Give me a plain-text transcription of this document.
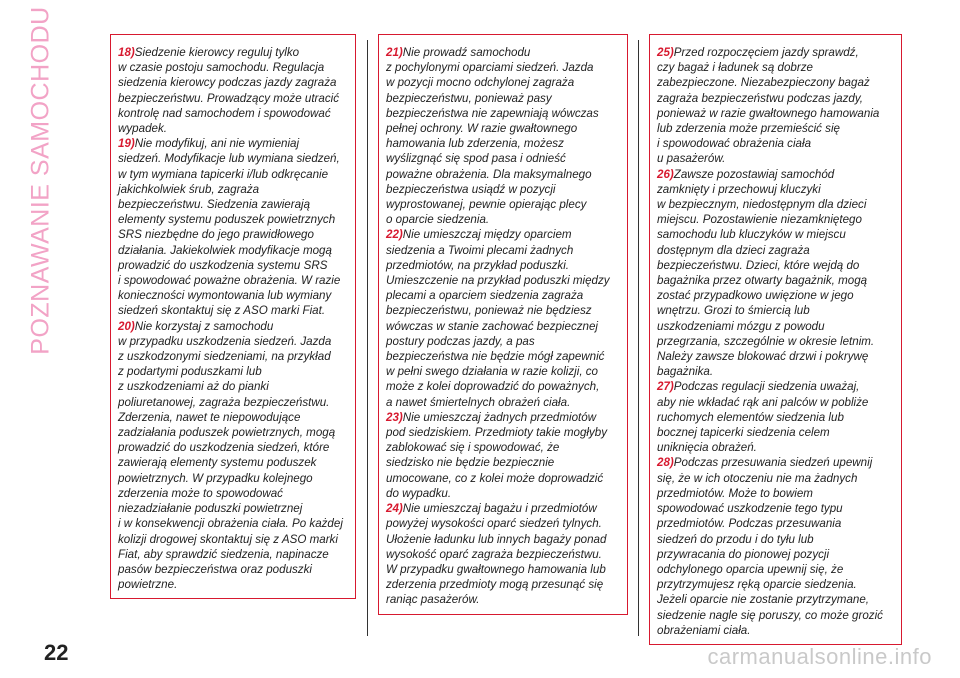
POZNAWANIE SAMOCHODU	18)Siedzenie kierowcy reguluj tylko
w czasie postoju samochodu. Regulacja
siedzenia kierowcy podczas jazdy zagraża
bezpieczeństwu. Prowadzący może utracić
kontrolę nad samochodem i spowodować
wypadek.
19)Nie modyfikuj, ani nie wymieniaj
siedzeń. Modyfikacje lub wymiana siedzeń,
w tym wymiana tapicerki i/lub odkręcanie
jakichkolwiek śrub, zagraża
bezpieczeństwu. Siedzenia zawierają
elementy systemu poduszek powietrznych
SRS niezbędne do jego prawidłowego
działania. Jakiekolwiek modyfikacje mogą
prowadzić do uszkodzenia systemu SRS
i spowodować poważne obrażenia. W razie
konieczności wymontowania lub wymiany
siedzeń skontaktuj się z ASO marki Fiat.
20)Nie korzystaj z samochodu
w przypadku uszkodzenia siedzeń. Jazda
z uszkodzonymi siedzeniami, na przykład
z podartymi poduszkami lub
z uszkodzeniami aż do pianki
poliuretanowej, zagraża bezpieczeństwu.
Zderzenia, nawet te niepowodujące
zadziałania poduszek powietrznych, mogą
prowadzić do uszkodzenia siedzeń, które
zawierają elementy systemu poduszek
powietrznych. W przypadku kolejnego
zderzenia może to spowodować
niezadziałanie poduszki powietrznej
i w konsekwencji obrażenia ciała. Po każdej
kolizji drogowej skontaktuj się z ASO marki
Fiat, aby sprawdzić siedzenia, napinacze
pasów bezpieczeństwa oraz poduszki
powietrzne.
21)Nie prowadź samochodu
z pochylonymi oparciami siedzeń. Jazda
w pozycji mocno odchylonej zagraża
bezpieczeństwu, ponieważ pasy
bezpieczeństwa nie zapewniają wówczas
pełnej ochrony. W razie gwałtownego
hamowania lub zderzenia, możesz
wyślizgnąć się spod pasa i odnieść
poważne obrażenia. Dla maksymalnego
bezpieczeństwa usiądź w pozycji
wyprostowanej, pewnie opierając plecy
o oparcie siedzenia.
22)Nie umieszczaj między oparciem
siedzenia a Twoimi plecami żadnych
przedmiotów, na przykład poduszki.
Umieszczenie na przykład poduszki między
plecami a oparciem siedzenia zagraża
bezpieczeństwu, ponieważ nie będziesz
wówczas w stanie zachować bezpiecznej
postury podczas jazdy, a pas
bezpieczeństwa nie będzie mógł zapewnić
w pełni swego działania w razie kolizji, co
może z kolei doprowadzić do poważnych,
a nawet śmiertelnych obrażeń ciała.
23)Nie umieszczaj żadnych przedmiotów
pod siedziskiem. Przedmioty takie mogłyby
zablokować się i spowodować, że
siedzisko nie będzie bezpiecznie
umocowane, co z kolei może doprowadzić
do wypadku.
24)Nie umieszczaj bagażu i przedmiotów
powyżej wysokości oparć siedzeń tylnych.
Ułożenie ładunku lub innych bagaży ponad
wysokość oparć zagraża bezpieczeństwu.
W przypadku gwałtownego hamowania lub
zderzenia przedmioty mogą przesunąć się
raniąc pasażerów.
25)Przed rozpoczęciem jazdy sprawdź,
czy bagaż i ładunek są dobrze
zabezpieczone. Niezabezpieczony bagaż
zagraża bezpieczeństwu podczas jazdy,
ponieważ w razie gwałtownego hamowania
lub zderzenia może przemieścić się
i spowodować obrażenia ciała
u pasażerów.
26)Zawsze pozostawiaj samochód
zamknięty i przechowuj kluczyki
w bezpiecznym, niedostępnym dla dzieci
miejscu. Pozostawienie niezamkniętego
samochodu lub kluczyków w miejscu
dostępnym dla dzieci zagraża
bezpieczeństwu. Dzieci, które wejdą do
bagażnika przez otwarty bagażnik, mogą
zostać przypadkowo uwięzione w jego
wnętrzu. Grozi to śmiercią lub
uszkodzeniami mózgu z powodu
przegrzania, szczególnie w okresie letnim.
Należy zawsze blokować drzwi i pokrywę
bagażnika.
27)Podczas regulacji siedzenia uważaj,
aby nie wkładać rąk ani palców w pobliże
ruchomych elementów siedzenia lub
bocznej tapicerki siedzenia celem
uniknięcia obrażeń.
28)Podczas przesuwania siedzeń upewnij
się, że w ich otoczeniu nie ma żadnych
przedmiotów. Może to bowiem
spowodować uszkodzenie tego typu
przedmiotów. Podczas przesuwania
siedzeń do przodu i do tyłu lub
przywracania do pionowej pozycji
odchylonego oparcia upewnij się, że
przytrzymujesz ręką oparcie siedzenia.
Jeżeli oparcie nie zostanie przytrzymane,
siedzenie nagle się poruszy, co może grozić
obrażeniami ciała.
22	carmanualsonline.info
